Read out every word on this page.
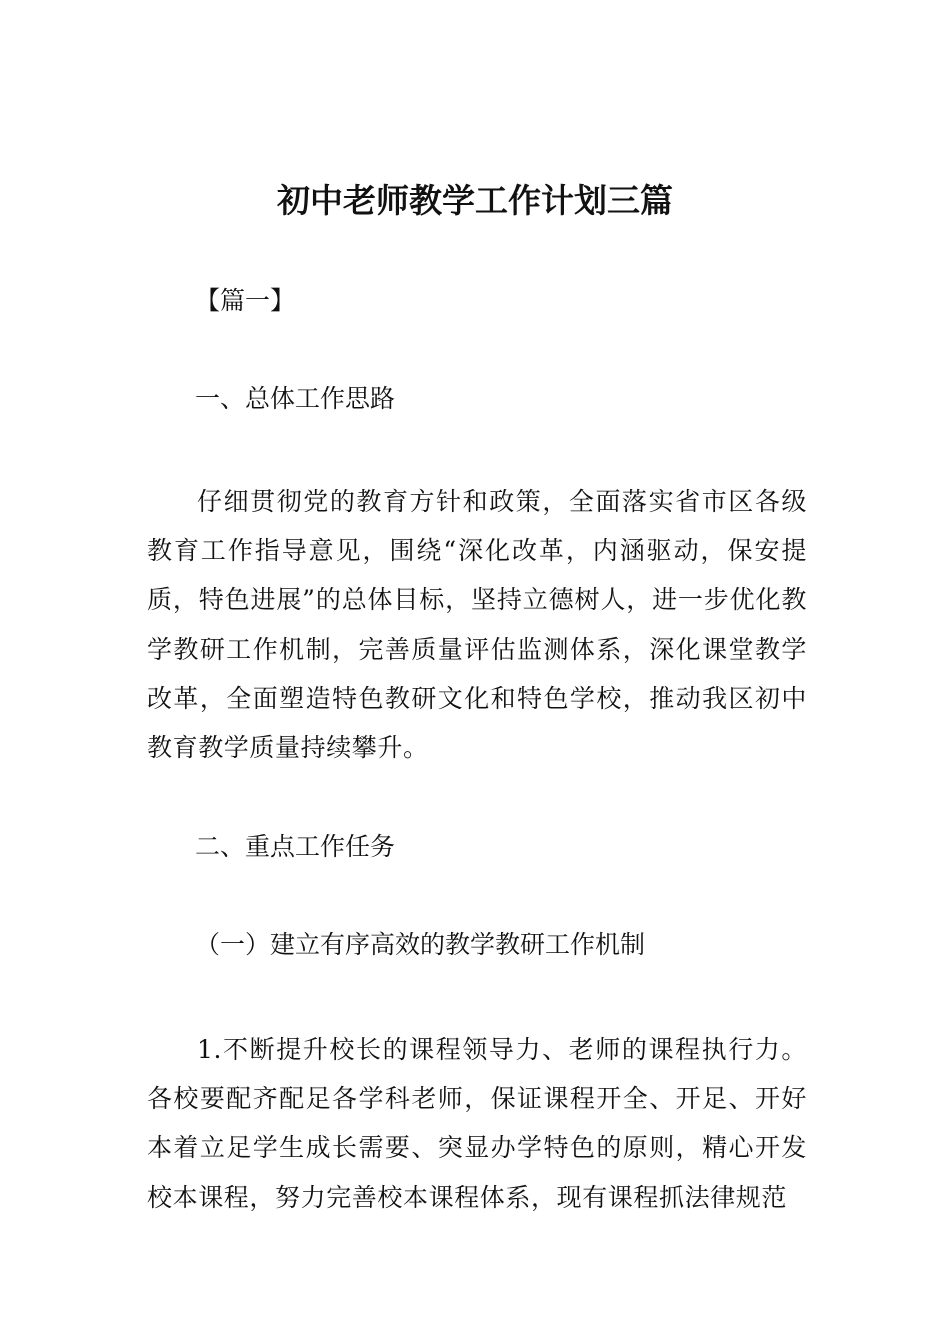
初中老师教学工作计划三篇
【篇一】
一、总体工作思路
仔细贯彻党的教育方针和政策，全面落实省市区各级教育工作指导意见，围绕“深化改革，内涵驱动，保安提质，特色进展”的总体目标，坚持立德树人，进一步优化教学教研工作机制，完善质量评估监测体系，深化课堂教学改革，全面塑造特色教研文化和特色学校，推动我区初中教育教学质量持续攀升。
二、重点工作任务
（一）建立有序高效的教学教研工作机制
1.不断提升校长的课程领导力、老师的课程执行力。各校要配齐配足各学科老师，保证课程开全、开足、开好本着立足学生成长需要、突显办学特色的原则，精心开发校本课程，努力完善校本课程体系，现有课程抓法律规范
